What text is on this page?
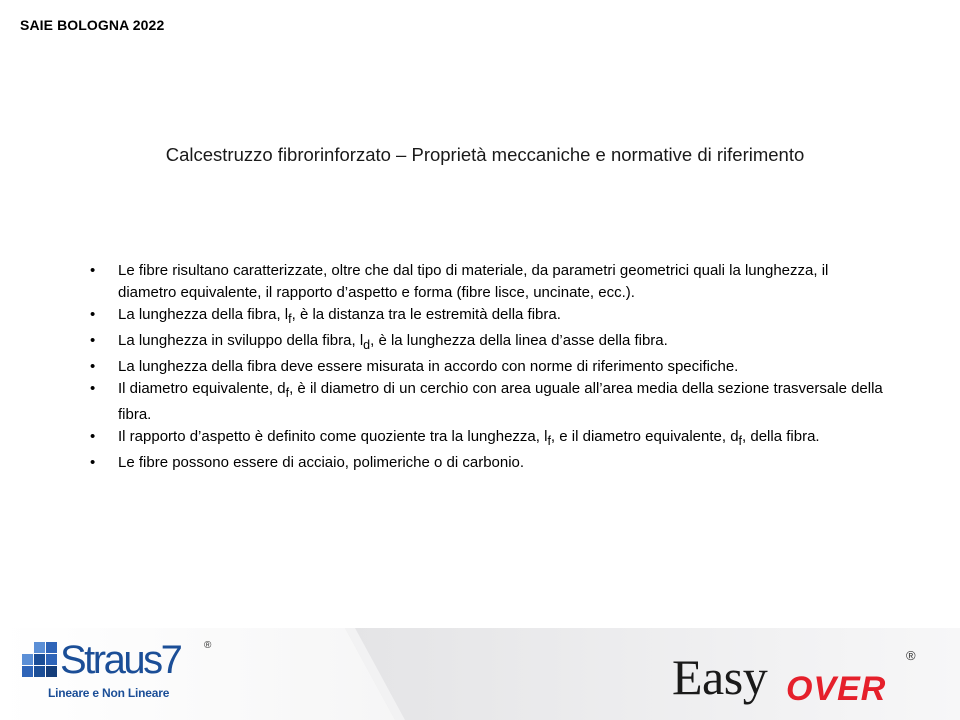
SAIE BOLOGNA 2022
Calcestruzzo fibrorinforzato – Proprietà meccaniche e normative di riferimento
• Le fibre risultano caratterizzate, oltre che dal tipo di materiale, da parametri geometrici quali la lunghezza, il diametro equivalente, il rapporto d’aspetto e forma (fibre lisce, uncinate, ecc.).
• La lunghezza della fibra, $l_f$, è la distanza tra le estremità della fibra.
• La lunghezza in sviluppo della fibra, $l_d$, è la lunghezza della linea d’asse della fibra.
• La lunghezza della fibra deve essere misurata in accordo con norme di riferimento specifiche.
• Il diametro equivalente, $d_f$, è il diametro di un cerchio con area uguale all’area media della sezione trasversale della fibra.
• Il rapporto d’aspetto è definito come quoziente tra la lunghezza, $l_f$, e il diametro equivalente, $d_f$, della fibra.
• Le fibre possono essere di acciaio, polimeriche o di carbonio.
Straus7 ®
Lineare e Non Lineare	Easy OVER
®
